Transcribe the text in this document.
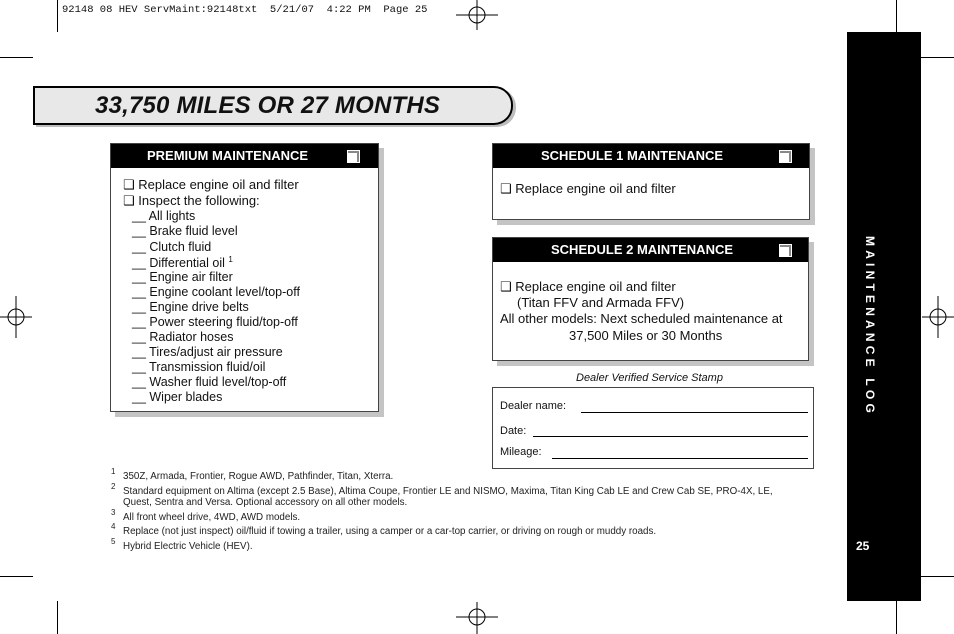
92148 08 HEV ServMaint:92148txt  5/21/07  4:22 PM  Page 25
33,750 MILES OR 27 MONTHS
PREMIUM MAINTENANCE
❑ Replace engine oil and filter
❑ Inspect the following:
__ All lights
__ Brake fluid level
__ Clutch fluid
__ Differential oil $^1$
__ Engine air filter
__ Engine coolant level/top-off
__ Engine drive belts
__ Power steering fluid/top-off
__ Radiator hoses
__ Tires/adjust air pressure
__ Transmission fluid/oil
__ Washer fluid level/top-off
__ Wiper blades
SCHEDULE 1 MAINTENANCE
❑ Replace engine oil and filter
SCHEDULE 2 MAINTENANCE
❑ Replace engine oil and filter
(Titan FFV and Armada FFV)
All other models: Next scheduled maintenance at
37,500 Miles or 30 Months
Dealer Verified Service Stamp
Dealer name:
Date:
Mileage:
MAINTENANCE LOG
25
1 350Z, Armada, Frontier, Rogue AWD, Pathfinder, Titan, Xterra.
2 Standard equipment on Altima (except 2.5 Base), Altima Coupe, Frontier LE and NISMO, Maxima, Titan King Cab LE and Crew Cab SE, PRO-4X, LE,
Quest, Sentra and Versa. Optional accessory on all other models.
3 All front wheel drive, 4WD, AWD models.
4 Replace (not just inspect) oil/fluid if towing a trailer, using a camper or a car-top carrier, or driving on rough or muddy roads.
5 Hybrid Electric Vehicle (HEV).
